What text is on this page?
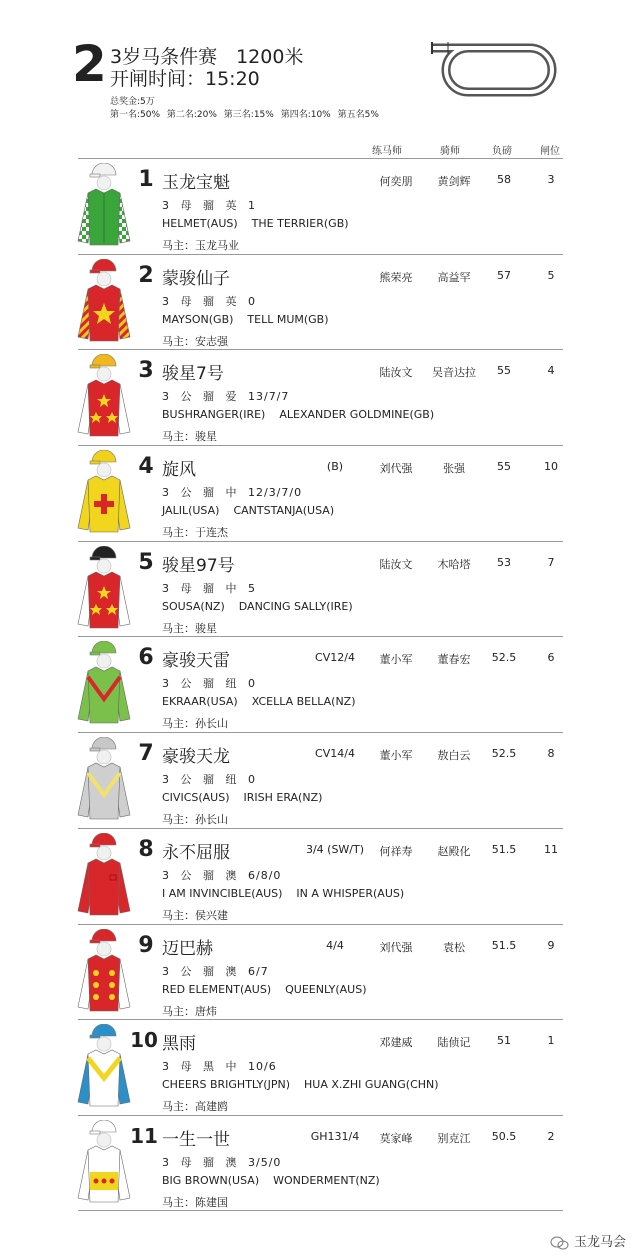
2 3岁马条件赛　1200米
开闸时间：15:20
总奖金:5万
第一名:50% 第二名:20% 第三名:15% 第四名:10% 第五名5%
练马师	骑师	负磅	闸位
1 玉龙宝魁	何奕朋	黄剑辉	58	3
3 母 骝 英 1
HELMET(AUS) THE TERRIER(GB)
马主：玉龙马业
2 蒙骏仙子	熊荣亮	高益罕	57	5
3 母 骝 英 0
MAYSON(GB) TELL MUM(GB)
马主：安志强
3 骏星7号	陆汝文	吴音达拉	55	4
3 公 骝 爱 13/7/7
BUSHRANGER(IRE) ALEXANDER GOLDMINE(GB)
马主：骏星
4 旋风	(B)	刘代强	张强	55	10
3 公 骝 中 12/3/7/0
JALIL(USA) CANTSTANJA(USA)
马主：于连杰
5 骏星97号	陆汝文	木哈塔	53	7
3 母 骝 中 5
SOUSA(NZ) DANCING SALLY(IRE)
马主：骏星
6 豪骏天雷	CV12/4	董小军	董春宏	52.5	6
3 公 骝 纽 0
EKRAAR(USA) XCELLA BELLA(NZ)
马主：孙长山
7 豪骏天龙	CV14/4	董小军	敖白云	52.5	8
3 公 骝 纽 0
CIVICS(AUS) IRISH ERA(NZ)
马主：孙长山
8 永不屈服	3/4 (SW/T)	何祥寿	赵殿化	51.5	11
3 公 骝 澳 6/8/0
I AM INVINCIBLE(AUS) IN A WHISPER(AUS)
马主：侯兴建
9 迈巴赫	4/4	刘代强	袁松	51.5	9
3 公 骝 澳 6/7
RED ELEMENT(AUS) QUEENLY(AUS)
马主：唐炜
10 黑雨	邓建威	陆侦记	51	1
3 母 黑 中 10/6
CHEERS BRIGHTLY(JPN) HUA X.ZHI GUANG(CHN)
马主：高建鸥
11 一生一世	GH131/4	莫家峰	别克江	50.5	2
3 母 骝 澳 3/5/0
BIG BROWN(USA) WONDERMENT(NZ)
马主：陈建国
玉龙马会
